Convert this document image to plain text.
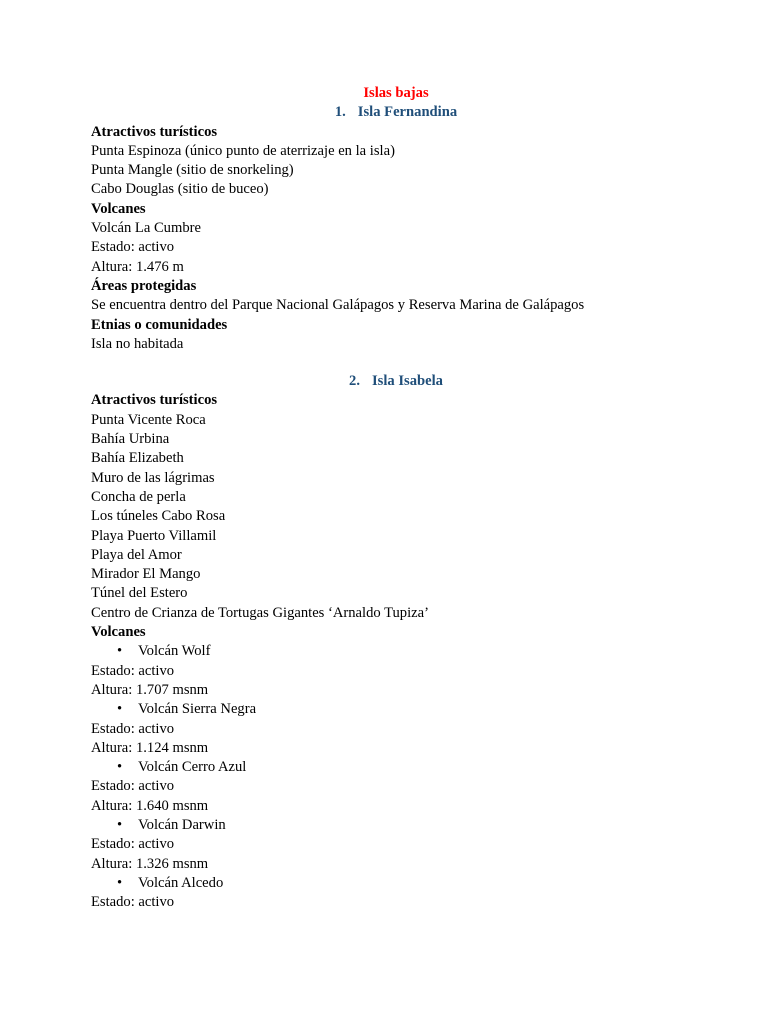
Islas bajas
1. Isla Fernandina
Atractivos turísticos
Punta Espinoza (único punto de aterrizaje en la isla)
Punta Mangle (sitio de snorkeling)
Cabo Douglas (sitio de buceo)
Volcanes
Volcán La Cumbre
Estado: activo
Altura: 1.476 m
Áreas protegidas
Se encuentra dentro del Parque Nacional Galápagos y Reserva Marina de Galápagos
Etnias o comunidades
Isla no habitada
2. Isla Isabela
Atractivos turísticos
Punta Vicente Roca
Bahía Urbina
Bahía Elizabeth
Muro de las lágrimas
Concha de perla
Los túneles Cabo Rosa
Playa Puerto Villamil
Playa del Amor
Mirador El Mango
Túnel del Estero
Centro de Crianza de Tortugas Gigantes ‘Arnaldo Tupiza’
Volcanes
• Volcán Wolf
Estado: activo
Altura: 1.707 msnm
• Volcán Sierra Negra
Estado: activo
Altura: 1.124 msnm
• Volcán Cerro Azul
Estado: activo
Altura: 1.640 msnm
• Volcán Darwin
Estado: activo
Altura: 1.326 msnm
• Volcán Alcedo
Estado: activo
